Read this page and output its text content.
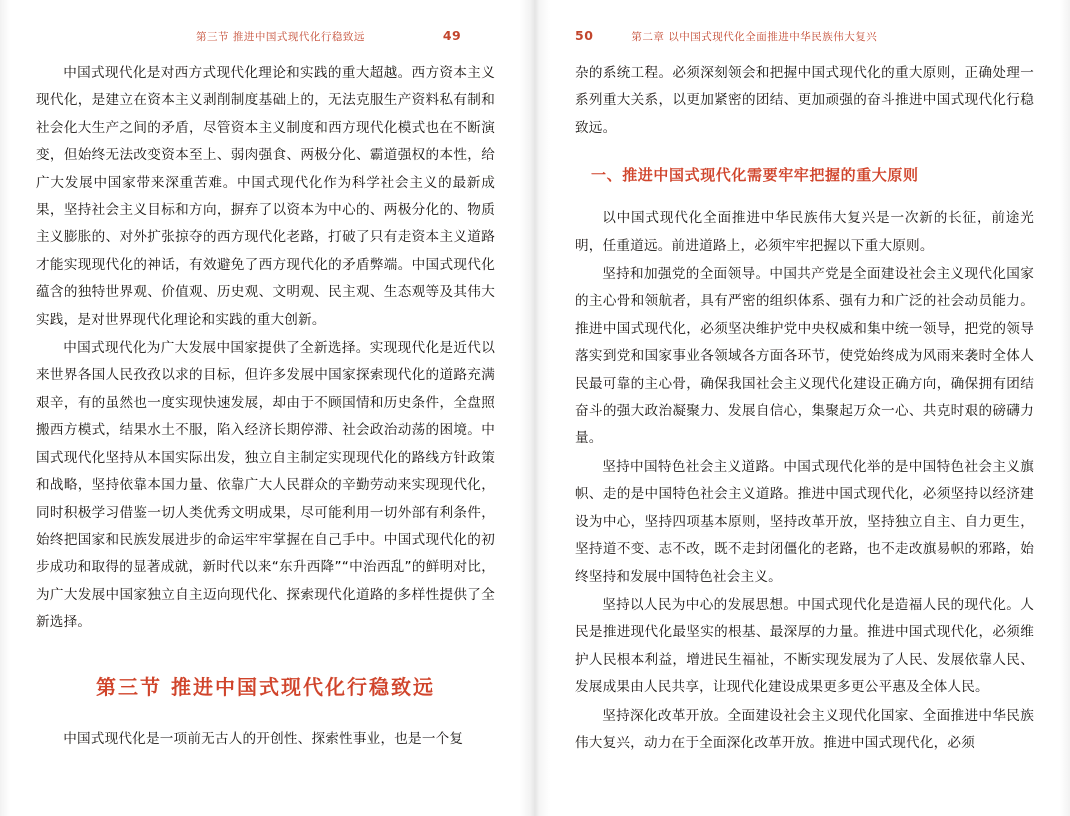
第三节 推进中国式现代化行稳致远	49

中国式现代化是对西方式现代化理论和实践的重大超越。西方资本主义现代化，是建立在资本主义剥削制度基础上的，无法克服生产资料私有制和社会化大生产之间的矛盾，尽管资本主义制度和西方现代化模式也在不断演变，但始终无法改变资本至上、弱肉强食、两极分化、霸道强权的本性，给广大发展中国家带来深重苦难。中国式现代化作为科学社会主义的最新成果，坚持社会主义目标和方向，摒弃了以资本为中心的、两极分化的、物质主义膨胀的、对外扩张掠夺的西方现代化老路，打破了只有走资本主义道路才能实现现代化的神话，有效避免了西方现代化的矛盾弊端。中国式现代化蕴含的独特世界观、价值观、历史观、文明观、民主观、生态观等及其伟大实践，是对世界现代化理论和实践的重大创新。

中国式现代化为广大发展中国家提供了全新选择。实现现代化是近代以来世界各国人民孜孜以求的目标，但许多发展中国家探索现代化的道路充满艰辛，有的虽然也一度实现快速发展，却由于不顾国情和历史条件，全盘照搬西方模式，结果水土不服，陷入经济长期停滞、社会政治动荡的困境。中国式现代化坚持从本国实际出发，独立自主制定实现现代化的路线方针政策和战略，坚持依靠本国力量、依靠广大人民群众的辛勤劳动来实现现代化，同时积极学习借鉴一切人类优秀文明成果，尽可能利用一切外部有利条件，始终把国家和民族发展进步的命运牢牢掌握在自己手中。中国式现代化的初步成功和取得的显著成就，新时代以来“东升西降”“中治西乱”的鲜明对比，为广大发展中国家独立自主迈向现代化、探索现代化道路的多样性提供了全新选择。

第三节 推进中国式现代化行稳致远

中国式现代化是一项前无古人的开创性、探索性事业，也是一个复

50	第二章 以中国式现代化全面推进中华民族伟大复兴

杂的系统工程。必须深刻领会和把握中国式现代化的重大原则，正确处理一系列重大关系，以更加紧密的团结、更加顽强的奋斗推进中国式现代化行稳致远。

一、推进中国式现代化需要牢牢把握的重大原则

以中国式现代化全面推进中华民族伟大复兴是一次新的长征，前途光明，任重道远。前进道路上，必须牢牢把握以下重大原则。

坚持和加强党的全面领导。中国共产党是全面建设社会主义现代化国家的主心骨和领航者，具有严密的组织体系、强有力和广泛的社会动员能力。推进中国式现代化，必须坚决维护党中央权威和集中统一领导，把党的领导落实到党和国家事业各领域各方面各环节，使党始终成为风雨来袭时全体人民最可靠的主心骨，确保我国社会主义现代化建设正确方向，确保拥有团结奋斗的强大政治凝聚力、发展自信心，集聚起万众一心、共克时艰的磅礴力量。

坚持中国特色社会主义道路。中国式现代化举的是中国特色社会主义旗帜、走的是中国特色社会主义道路。推进中国式现代化，必须坚持以经济建设为中心，坚持四项基本原则，坚持改革开放，坚持独立自主、自力更生，坚持道不变、志不改，既不走封闭僵化的老路，也不走改旗易帜的邪路，始终坚持和发展中国特色社会主义。

坚持以人民为中心的发展思想。中国式现代化是造福人民的现代化。人民是推进现代化最坚实的根基、最深厚的力量。推进中国式现代化，必须维护人民根本利益，增进民生福祉，不断实现发展为了人民、发展依靠人民、发展成果由人民共享，让现代化建设成果更多更公平惠及全体人民。

坚持深化改革开放。全面建设社会主义现代化国家、全面推进中华民族伟大复兴，动力在于全面深化改革开放。推进中国式现代化，必须
